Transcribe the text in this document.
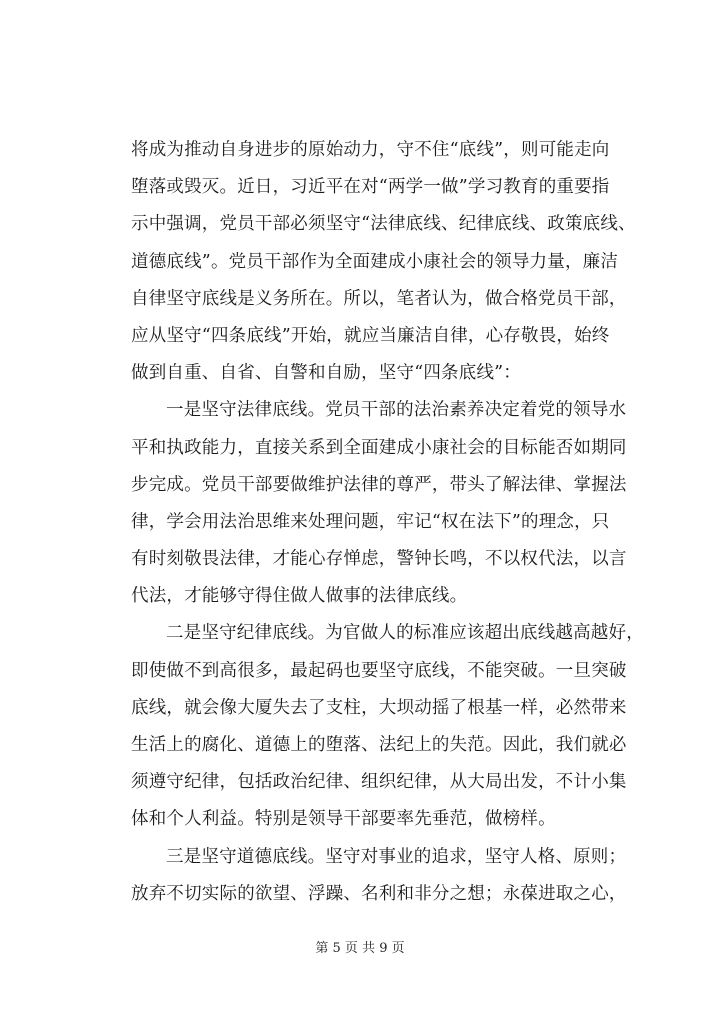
将成为推动自身进步的原始动力，守不住“底线”，则可能走向
堕落或毁灭。近日，习近平在对“两学一做”学习教育的重要指
示中强调，党员干部必须坚守“法律底线、纪律底线、政策底线、
道德底线”。党员干部作为全面建成小康社会的领导力量，廉洁
自律坚守底线是义务所在。所以，笔者认为，做合格党员干部，
应从坚守“四条底线”开始，就应当廉洁自律，心存敬畏，始终
做到自重、自省、自警和自励，坚守“四条底线”：

一是坚守法律底线。党员干部的法治素养决定着党的领导水
平和执政能力，直接关系到全面建成小康社会的目标能否如期同
步完成。党员干部要做维护法律的尊严，带头了解法律、掌握法
律，学会用法治思维来处理问题，牢记“权在法下”的理念，只
有时刻敬畏法律，才能心存惮虑，警钟长鸣，不以权代法，以言
代法，才能够守得住做人做事的法律底线。

二是坚守纪律底线。为官做人的标准应该超出底线越高越好，
即使做不到高很多，最起码也要坚守底线，不能突破。一旦突破
底线，就会像大厦失去了支柱，大坝动摇了根基一样，必然带来
生活上的腐化、道德上的堕落、法纪上的失范。因此，我们就必
须遵守纪律，包括政治纪律、组织纪律，从大局出发，不计小集
体和个人利益。特别是领导干部要率先垂范，做榜样。

三是坚守道德底线。坚守对事业的追求，坚守人格、原则；
放弃不切实际的欲望、浮躁、名利和非分之想；永葆进取之心，

第 5 页 共 9 页
